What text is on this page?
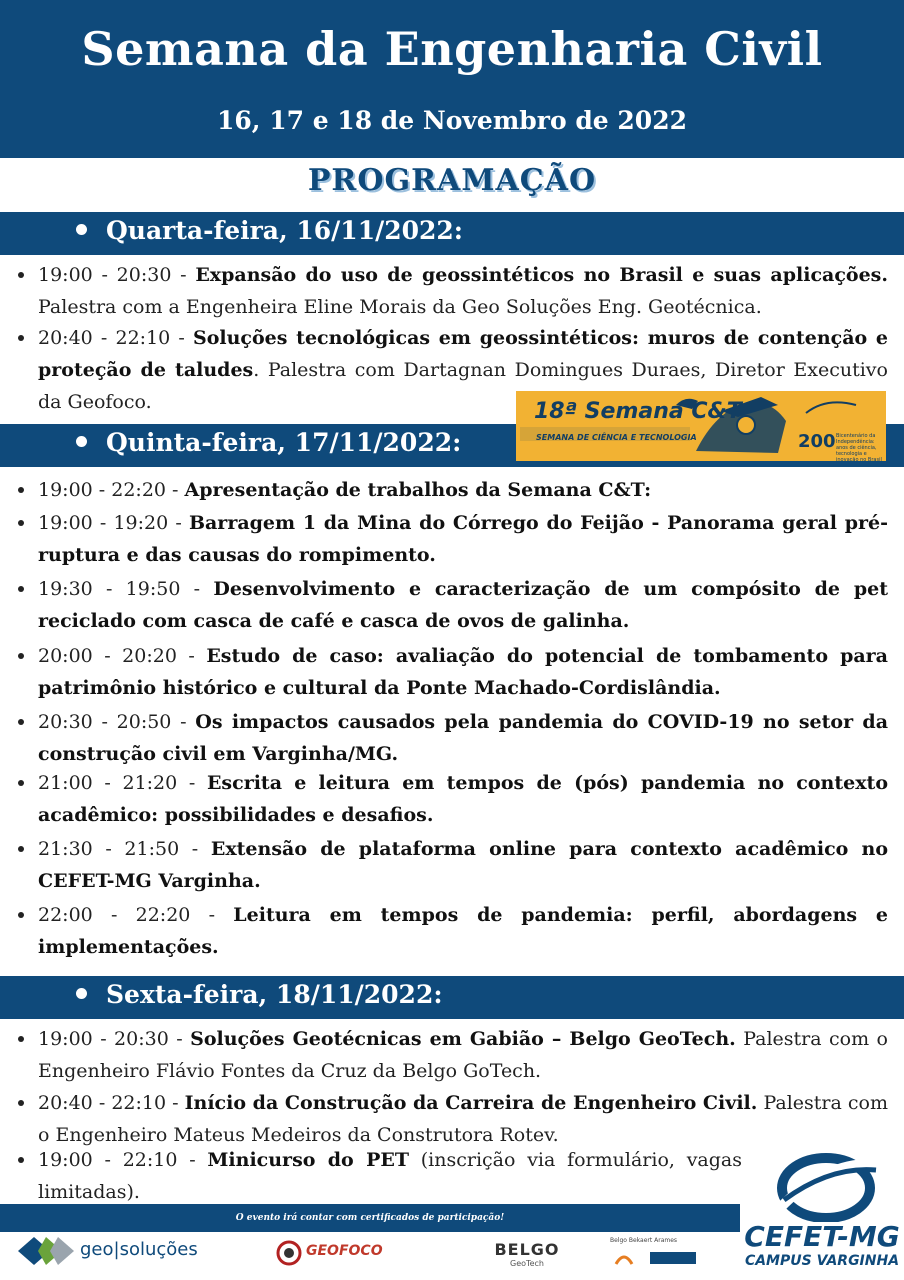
Semana da Engenharia Civil
16, 17 e 18 de Novembro de 2022
PROGRAMAÇÃO
Quarta-feira, 16/11/2022:
19:00 - 20:30 - Expansão do uso de geossintéticos no Brasil e suas aplicações. Palestra com a Engenheira Eline Morais da Geo Soluções Eng. Geotécnica.
20:40 - 22:10 - Soluções tecnológicas em geossintéticos: muros de contenção e proteção de taludes. Palestra com Dartagnan Domingues Duraes, Diretor Executivo da Geofoco.
Quinta-feira, 17/11/2022:
18ª Semana C&T
SEMANA DE CIÊNCIA E TECNOLOGIA	200 Bicentenário da Independência: anos de ciência, tecnologia e inovação no Brasil
19:00 - 22:20 - Apresentação de trabalhos da Semana C&T:
19:00 - 19:20 - Barragem 1 da Mina do Córrego do Feijão - Panorama geral pré-ruptura e das causas do rompimento.
19:30 - 19:50 - Desenvolvimento e caracterização de um compósito de pet reciclado com casca de café e casca de ovos de galinha.
20:00 - 20:20 - Estudo de caso: avaliação do potencial de tombamento para patrimônio histórico e cultural da Ponte Machado-Cordislândia.
20:30 - 20:50 - Os impactos causados pela pandemia do COVID-19 no setor da construção civil em Varginha/MG.
21:00 - 21:20 - Escrita e leitura em tempos de (pós) pandemia no contexto acadêmico: possibilidades e desafios.
21:30 - 21:50 - Extensão de plataforma online para contexto acadêmico no CEFET-MG Varginha.
22:00 - 22:20 - Leitura em tempos de pandemia: perfil, abordagens e implementações.
Sexta-feira, 18/11/2022:
19:00 - 20:30 - Soluções Geotécnicas em Gabião – Belgo GeoTech. Palestra com o Engenheiro Flávio Fontes da Cruz da Belgo GoTech.
20:40 - 22:10 - Início da Construção da Carreira de Engenheiro Civil. Palestra com o Engenheiro Mateus Medeiros da Construtora Rotev.
19:00 - 22:10 - Minicurso do PET (inscrição via formulário, vagas limitadas).
O evento irá contar com certificados de participação!
geo|soluções	GEOFOCO	BELGO
GeoTech
Belgo Bekaert Arames	CEFET-MG
CAMPUS VARGINHA
